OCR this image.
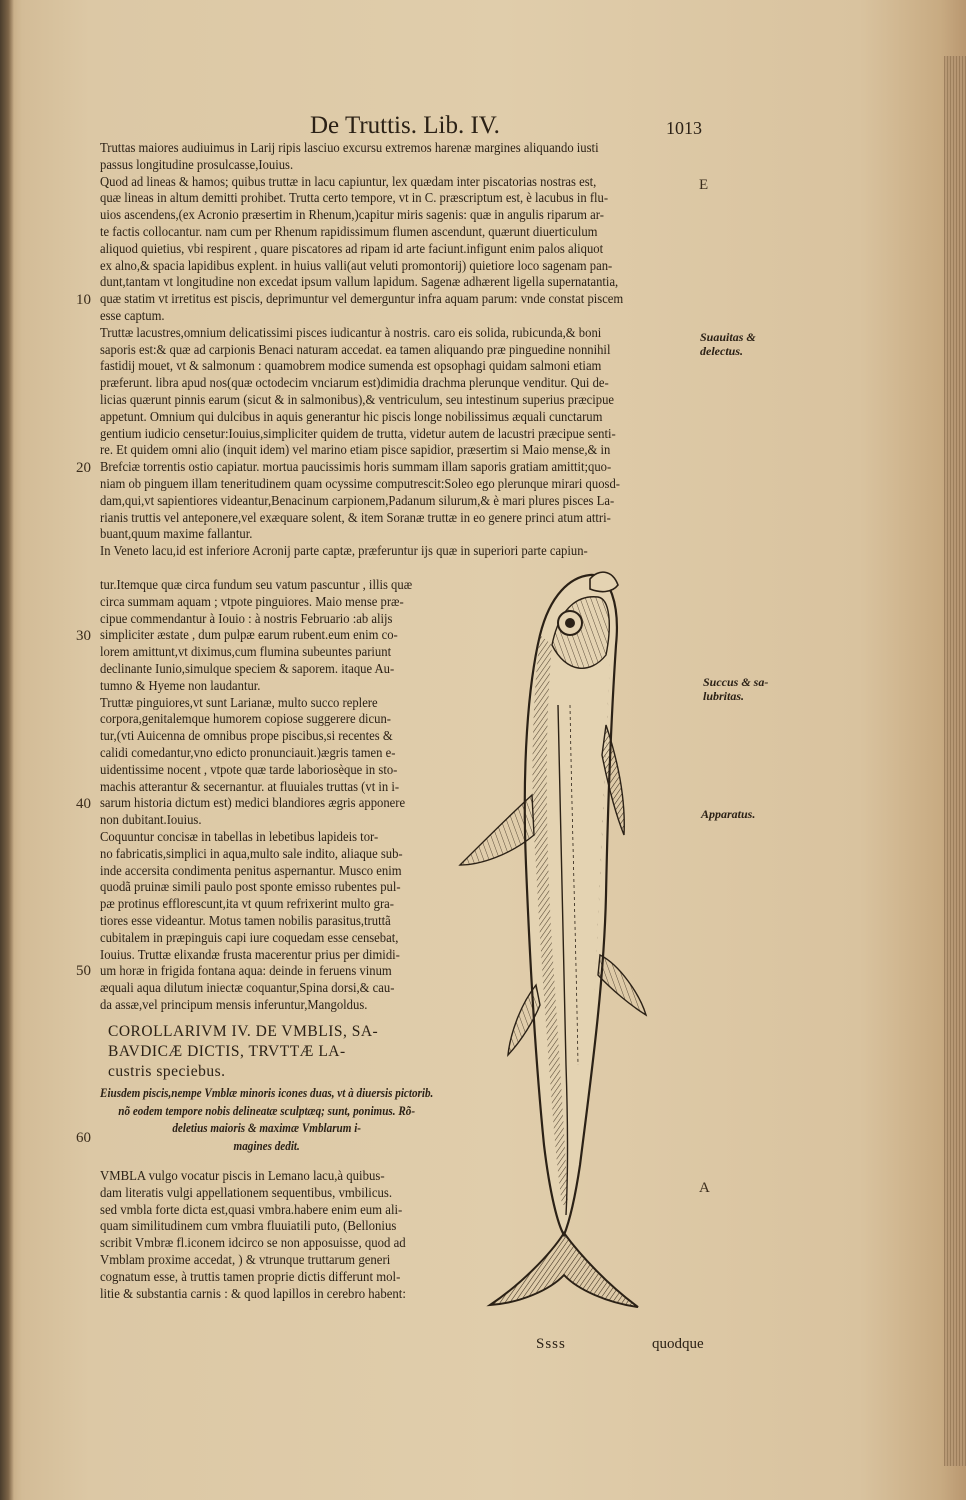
De Truttis. Lib. IV.	1013
Truttas maiores audiuimus in Larij ripis lasciuo excursu extremos harenæ margines aliquando iusti
passus longitudine prosulcasse,Iouius.
Quod ad lineas & hamos; quibus truttæ in lacu capiuntur, lex quædam inter piscatorias nostras est,
quæ lineas in altum demitti prohibet. Trutta certo tempore, vt in C. præscriptum est, è lacubus in flu-
uios ascendens,(ex Acronio præsertim in Rhenum,)capitur miris sagenis: quæ in angulis riparum ar-
te factis collocantur. nam cum per Rhenum rapidissimum flumen ascendunt, quærunt diuerticulum
aliquod quietius, vbi respirent , quare piscatores ad ripam id arte faciunt.infigunt enim palos aliquot
ex alno,& spacia lapidibus explent. in huius valli(aut veluti promontorij) quietiore loco sagenam pan-
dunt,tantam vt longitudine non excedat ipsum vallum lapidum. Sagenæ adhærent ligella supernatantia,
quæ statim vt irretitus est piscis, deprimuntur vel demerguntur infra aquam parum: vnde constat piscem
esse captum.
Truttæ lacustres,omnium delicatissimi pisces iudicantur à nostris. caro eis solida, rubicunda,& boni
saporis est:& quæ ad carpionis Benaci naturam accedat. ea tamen aliquando præ pinguedine nonnihil
fastidij mouet, vt & salmonum : quamobrem modice sumenda est opsophagi quidam salmoni etiam
præferunt. libra apud nos(quæ octodecim vnciarum est)dimidia drachma plerunque venditur. Qui de-
licias quærunt pinnis earum (sicut & in salmonibus),& ventriculum, seu intestinum superius præcipue
appetunt. Omnium qui dulcibus in aquis generantur hic piscis longe nobilissimus æquali cunctarum
gentium iudicio censetur:Iouius,simpliciter quidem de trutta, videtur autem de lacustri præcipue senti-
re. Et quidem omni alio (inquit idem) vel marino etiam pisce sapidior, præsertim si Maio mense,& in
Brefciæ torrentis ostio capiatur. mortua paucissimis horis summam illam saporis gratiam amittit;quo-
niam ob pinguem illam teneritudinem quam ocyssime computrescit:Soleo ego plerunque mirari quosd-
dam,qui,vt sapientiores videantur,Benacinum carpionem,Padanum silurum,& è mari plures pisces La-
rianis truttis vel anteponere,vel exæquare solent, & item Soranæ truttæ in eo genere princi atum attri-
buant,quum maxime fallantur.
In Veneto lacu,id est inferiore Acronij parte captæ, præferuntur ijs quæ in superiori parte capiun-
tur.Itemque quæ circa fundum seu vatum pascuntur , illis quæ
circa summam aquam ; vtpote pinguiores. Maio mense præ-
cipue commendantur à Iouio : à nostris Februario :ab alijs
simpliciter æstate , dum pulpæ earum rubent.eum enim co-
lorem amittunt,vt diximus,cum flumina subeuntes pariunt
declinante Iunio,simulque speciem & saporem. itaque Au-
tumno & Hyeme non laudantur.
Truttæ pinguiores,vt sunt Larianæ, multo succo replere
corpora,genitalemque humorem copiose suggerere dicun-
tur,(vti Auicenna de omnibus prope piscibus,si recentes &
calidi comedantur,vno edicto pronunciauit.)ægris tamen e-
uidentissime nocent , vtpote quæ tarde laboriosèque in sto-
machis atterantur & secernantur. at fluuiales truttas (vt in i-
sarum historia dictum est) medici blandiores ægris apponere
non dubitant.Iouius.
Coquuntur concisæ in tabellas in lebetibus lapideis tor-
no fabricatis,simplici in aqua,multo sale indito, aliaque sub-
inde accersita condimenta penitus aspernantur. Musco enim
quodã pruinæ simili paulo post sponte emisso rubentes pul-
pæ protinus efflorescunt,ita vt quum refrixerint multo gra-
tiores esse videantur. Motus tamen nobilis parasitus,truttã
cubitalem in præpinguis capi iure coquedam esse censebat,
Iouius. Truttæ elixandæ frusta macerentur prius per dimidi-
um horæ in frigida fontana aqua: deinde in feruens vinum
æquali aqua dilutum iniectæ coquantur,Spina dorsi,& cau-
da assæ,vel principum mensis inferuntur,Mangoldus.
COROLLARIVM IV. DE VMBLIS, SA-
BAVDICÆ DICTIS, TRVTTÆ LA-
custris speciebus.
Eiusdem piscis,nempe Vmblæ minoris icones duas, vt à diuersis pictorib.
nõ eodem tempore nobis delineatæ sculptæq; sunt, ponimus. Rõ-
deletius maioris & maximæ Vmblarum i-
magines dedit.
VMBLA vulgo vocatur piscis in Lemano lacu,à quibus-
dam literatis vulgi appellationem sequentibus, vmbilicus.
sed vmbla forte dicta est,quasi vmbra.habere enim eum ali-
quam similitudinem cum vmbra fluuiatili puto, (Bellonius
scribit Vmbræ fl.iconem idcirco se non apposuisse, quod ad
Vmblam proxime accedat, ) & vtrunque truttarum generi
cognatum esse, à truttis tamen proprie dictis differunt mol-
litie & substantia carnis : & quod lapillos in cerebro habent:
10
20
30
40
50
60
E
A
Suauitas &
delectus.
Succus & sa-
lubritas.
Apparatus.
Ssss	quodque
